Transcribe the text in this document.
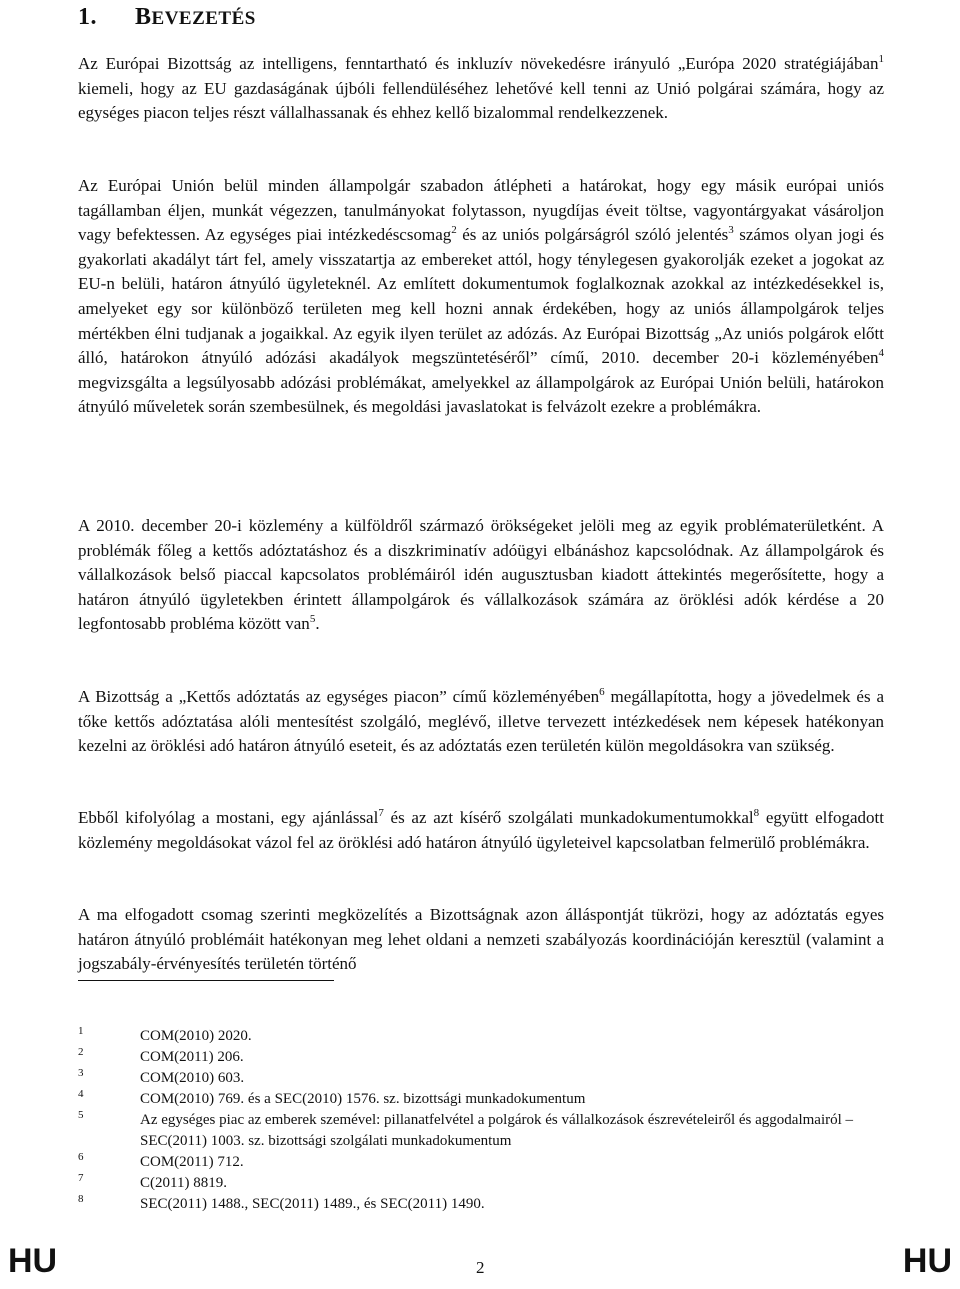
1. BEVEZETÉS
Az Európai Bizottság az intelligens, fenntartható és inkluzív növekedésre irányuló „Európa 2020 stratégiájában$^1$ kiemeli, hogy az EU gazdaságának újbóli fellendüléséhez lehetővé kell tenni az Unió polgárai számára, hogy az egységes piacon teljes részt vállalhassanak és ehhez kellő bizalommal rendelkezzenek.
Az Európai Unión belül minden állampolgár szabadon átlépheti a határokat, hogy egy másik európai uniós tagállamban éljen, munkát végezzen, tanulmányokat folytasson, nyugdíjas éveit töltse, vagyontárgyakat vásároljon vagy befektessen. Az egységes piai intézkedéscsomag$^2$ és az uniós polgárságról szóló jelentés$^3$ számos olyan jogi és gyakorlati akadályt tárt fel, amely visszatartja az embereket attól, hogy ténylegesen gyakorolják ezeket a jogokat az EU-n belüli, határon átnyúló ügyleteknél. Az említett dokumentumok foglalkoznak azokkal az intézkedésekkel is, amelyeket egy sor különböző területen meg kell hozni annak érdekében, hogy az uniós állampolgárok teljes mértékben élni tudjanak a jogaikkal. Az egyik ilyen terület az adózás. Az Európai Bizottság „Az uniós polgárok előtt álló, határokon átnyúló adózási akadályok megszüntetéséről” című, 2010. december 20-i közleményében$^4$ megvizsgálta a legsúlyosabb adózási problémákat, amelyekkel az állampolgárok az Európai Unión belüli, határokon átnyúló műveletek során szembesülnek, és megoldási javaslatokat is felvázolt ezekre a problémákra.
A 2010. december 20-i közlemény a külföldről származó örökségeket jelöli meg az egyik problématerületként. A problémák főleg a kettős adóztatáshoz és a diszkriminatív adóügyi elbánáshoz kapcsolódnak. Az állampolgárok és vállalkozások belső piaccal kapcsolatos problémáiról idén augusztusban kiadott áttekintés megerősítette, hogy a határon átnyúló ügyletekben érintett állampolgárok és vállalkozások számára az öröklési adók kérdése a 20 legfontosabb probléma között van$^5$.
A Bizottság a „Kettős adóztatás az egységes piacon” című közleményében$^6$ megállapította, hogy a jövedelmek és a tőke kettős adóztatása alóli mentesítést szolgáló, meglévő, illetve tervezett intézkedések nem képesek hatékonyan kezelni az öröklési adó határon átnyúló eseteit, és az adóztatás ezen területén külön megoldásokra van szükség.
Ebből kifolyólag a mostani, egy ajánlással$^7$ és az azt kísérő szolgálati munkadokumentumokkal$^8$ együtt elfogadott közlemény megoldásokat vázol fel az öröklési adó határon átnyúló ügyleteivel kapcsolatban felmerülő problémákra.
A ma elfogadott csomag szerinti megközelítés a Bizottságnak azon álláspontját tükrözi, hogy az adóztatás egyes határon átnyúló problémáit hatékonyan meg lehet oldani a nemzeti szabályozás koordinációján keresztül (valamint a jogszabály-érvényesítés területén történő
1	COM(2010) 2020.
2	COM(2011) 206.
3	COM(2010) 603.
4	COM(2010) 769. és a SEC(2010) 1576. sz. bizottsági munkadokumentum
5	Az egységes piac az emberek szemével: pillanatfelvétel a polgárok és vállalkozások észrevételeiről és aggodalmairól – SEC(2011) 1003. sz. bizottsági szolgálati munkadokumentum
6	COM(2011) 712.
7	C(2011) 8819.
8	SEC(2011) 1488., SEC(2011) 1489., és SEC(2011) 1490.
HU	2	HU
